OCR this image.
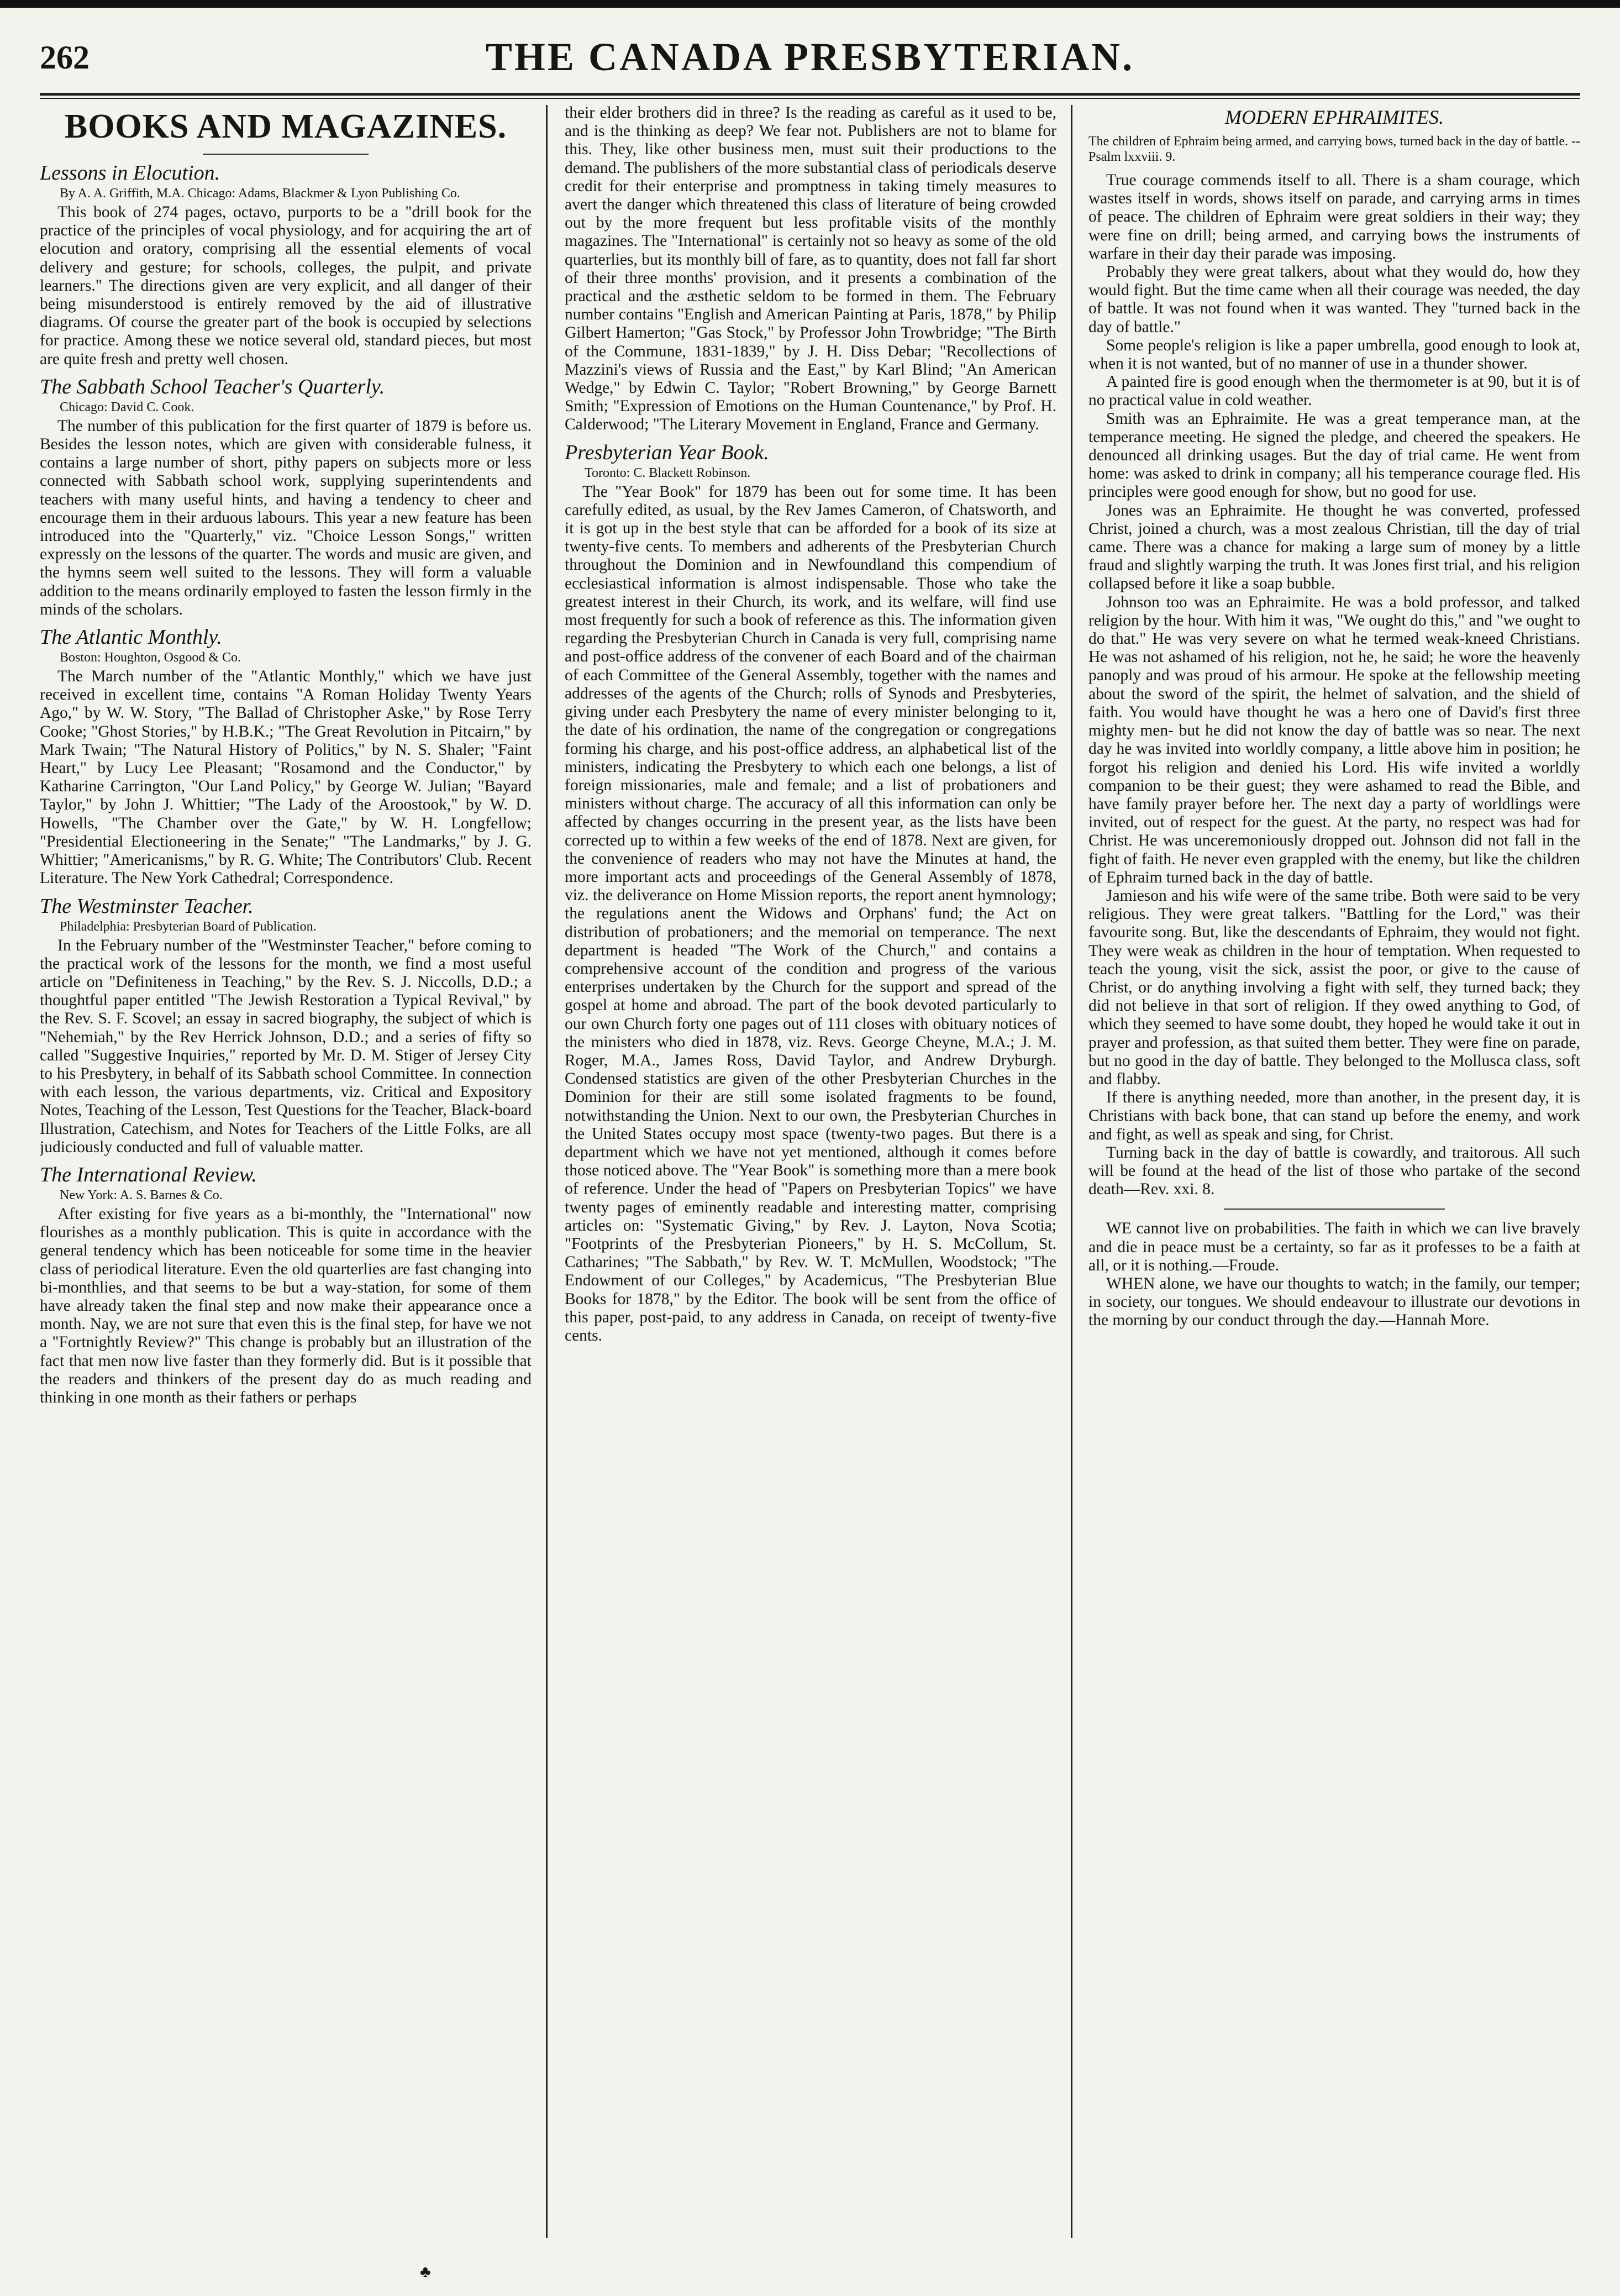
262	THE CANADA PRESBYTERIAN.
BOOKS AND MAGAZINES.
Lessons in Elocution.

By A. A. Griffith, M.A. Chicago: Adams, Blackmer & Lyon Publishing Co.

This book of 274 pages, octavo, purports to be a "drill book for the practice of the principles of vocal physiology, and for acquiring the art of elocution and oratory, comprising all the essential elements of vocal delivery and gesture; for schools, colleges, the pulpit, and private learners." The directions given are very explicit, and all danger of their being misunderstood is entirely removed by the aid of illustrative diagrams. Of course the greater part of the book is occupied by selections for practice. Among these we notice several old, standard pieces, but most are quite fresh and pretty well chosen.

The Sabbath School Teacher's Quarterly.

Chicago: David C. Cook.

The number of this publication for the first quarter of 1879 is before us. Besides the lesson notes, which are given with considerable fulness, it contains a large number of short, pithy papers on subjects more or less connected with Sabbath school work, supplying superintendents and teachers with many useful hints, and having a tendency to cheer and encourage them in their arduous labours. This year a new feature has been introduced into the "Quarterly," viz. "Choice Lesson Songs," written expressly on the lessons of the quarter. The words and music are given, and the hymns seem well suited to the lessons. They will form a valuable addition to the means ordinarily employed to fasten the lesson firmly in the minds of the scholars.

The Atlantic Monthly.

Boston: Houghton, Osgood & Co.

The March number of the "Atlantic Monthly," which we have just received in excellent time, contains "A Roman Holiday Twenty Years Ago," by W. W. Story, "The Ballad of Christopher Aske," by Rose Terry Cooke; "Ghost Stories," by H.B.K.; "The Great Revolution in Pitcairn," by Mark Twain; "The Natural History of Politics," by N. S. Shaler; "Faint Heart," by Lucy Lee Pleasant; "Rosamond and the Conductor," by Katharine Carrington, "Our Land Policy," by George W. Julian; "Bayard Taylor," by John J. Whittier; "The Lady of the Aroostook," by W. D. Howells, "The Chamber over the Gate," by W. H. Longfellow; "Presidential Electioneering in the Senate;" "The Landmarks," by J. G. Whittier; "Americanisms," by R. G. White; The Contributors' Club. Recent Literature. The New York Cathedral; Correspondence.

The Westminster Teacher.

Philadelphia: Presbyterian Board of Publication.

In the February number of the "Westminster Teacher," before coming to the practical work of the lessons for the month, we find a most useful article on "Definiteness in Teaching," by the Rev. S. J. Niccolls, D.D.; a thoughtful paper entitled "The Jewish Restoration a Typical Revival," by the Rev. S. F. Scovel; an essay in sacred biography, the subject of which is "Nehemiah," by the Rev Herrick Johnson, D.D.; and a series of fifty so called "Suggestive Inquiries," reported by Mr. D. M. Stiger of Jersey City to his Presbytery, in behalf of its Sabbath school Committee. In connection with each lesson, the various departments, viz. Critical and Expository Notes, Teaching of the Lesson, Test Questions for the Teacher, Black-board Illustration, Catechism, and Notes for Teachers of the Little Folks, are all judiciously conducted and full of valuable matter.

The International Review.

New York: A. S. Barnes & Co.

After existing for five years as a bi-monthly, the "International" now flourishes as a monthly publication. This is quite in accordance with the general tendency which has been noticeable for some time in the heavier class of periodical literature. Even the old quarterlies are fast changing into bi-monthlies, and that seems to be but a way-station, for some of them have already taken the final step and now make their appearance once a month. Nay, we are not sure that even this is the final step, for have we not a "Fortnightly Review?" This change is probably but an illustration of the fact that men now live faster than they formerly did. But is it possible that the readers and thinkers of the present day do as much reading and thinking in one month as their fathers or perhaps

their elder brothers did in three? Is the reading as careful as it used to be, and is the thinking as deep? We fear not. Publishers are not to blame for this. They, like other business men, must suit their productions to the demand. The publishers of the more substantial class of periodicals deserve credit for their enterprise and promptness in taking timely measures to avert the danger which threatened this class of literature of being crowded out by the more frequent but less profitable visits of the monthly magazines. The "International" is certainly not so heavy as some of the old quarterlies, but its monthly bill of fare, as to quantity, does not fall far short of their three months' provision, and it presents a combination of the practical and the æsthetic seldom to be formed in them. The February number contains "English and American Painting at Paris, 1878," by Philip Gilbert Hamerton; "Gas Stock," by Professor John Trowbridge; "The Birth of the Commune, 1831-1839," by J. H. Diss Debar; "Recollections of Mazzini's views of Russia and the East," by Karl Blind; "An American Wedge," by Edwin C. Taylor; "Robert Browning," by George Barnett Smith; "Expression of Emotions on the Human Countenance," by Prof. H. Calderwood; "The Literary Movement in England, France and Germany.

Presbyterian Year Book.

Toronto: C. Blackett Robinson.

The "Year Book" for 1879 has been out for some time. It has been carefully edited, as usual, by the Rev James Cameron, of Chatsworth, and it is got up in the best style that can be afforded for a book of its size at twenty-five cents. To members and adherents of the Presbyterian Church throughout the Dominion and in Newfoundland this compendium of ecclesiastical information is almost indispensable. Those who take the greatest interest in their Church, its work, and its welfare, will find use most frequently for such a book of reference as this. The information given regarding the Presbyterian Church in Canada is very full, comprising name and post-office address of the convener of each Board and of the chairman of each Committee of the General Assembly, together with the names and addresses of the agents of the Church; rolls of Synods and Presbyteries, giving under each Presbytery the name of every minister belonging to it, the date of his ordination, the name of the congregation or congregations forming his charge, and his post-office address, an alphabetical list of the ministers, indicating the Presbytery to which each one belongs, a list of foreign missionaries, male and female; and a list of probationers and ministers without charge. The accuracy of all this information can only be affected by changes occurring in the present year, as the lists have been corrected up to within a few weeks of the end of 1878. Next are given, for the convenience of readers who may not have the Minutes at hand, the more important acts and proceedings of the General Assembly of 1878, viz. the deliverance on Home Mission reports, the report anent hymnology; the regulations anent the Widows and Orphans' fund; the Act on distribution of probationers; and the memorial on temperance. The next department is headed "The Work of the Church," and contains a comprehensive account of the condition and progress of the various enterprises undertaken by the Church for the support and spread of the gospel at home and abroad. The part of the book devoted particularly to our own Church forty one pages out of 111 closes with obituary notices of the ministers who died in 1878, viz. Revs. George Cheyne, M.A.; J. M. Roger, M.A., James Ross, David Taylor, and Andrew Dryburgh. Condensed statistics are given of the other Presbyterian Churches in the Dominion for their are still some isolated fragments to be found, notwithstanding the Union. Next to our own, the Presbyterian Churches in the United States occupy most space (twenty-two pages. But there is a department which we have not yet mentioned, although it comes before those noticed above. The "Year Book" is something more than a mere book of reference. Under the head of "Papers on Presbyterian Topics" we have twenty pages of eminently readable and interesting matter, comprising articles on: "Systematic Giving," by Rev. J. Layton, Nova Scotia; "Footprints of the Presbyterian Pioneers," by H. S. McCollum, St. Catharines; "The Sabbath," by Rev. W. T. McMullen, Woodstock; "The Endowment of our Colleges," by Academicus, "The Presbyterian Blue Books for 1878," by the Editor. The book will be sent from the office of this paper, post-paid, to any address in Canada, on receipt of twenty-five cents.

MODERN EPHRAIMITES.

The children of Ephraim being armed, and carrying bows, turned back in the day of battle. --Psalm lxxviii. 9.

True courage commends itself to all. There is a sham courage, which wastes itself in words, shows itself on parade, and carrying arms in times of peace. The children of Ephraim were great soldiers in their way; they were fine on drill; being armed, and carrying bows the instruments of warfare in their day their parade was imposing.

Probably they were great talkers, about what they would do, how they would fight. But the time came when all their courage was needed, the day of battle. It was not found when it was wanted. They "turned back in the day of battle."

Some people's religion is like a paper umbrella, good enough to look at, when it is not wanted, but of no manner of use in a thunder shower.

A painted fire is good enough when the thermometer is at 90, but it is of no practical value in cold weather.

Smith was an Ephraimite. He was a great temperance man, at the temperance meeting. He signed the pledge, and cheered the speakers. He denounced all drinking usages. But the day of trial came. He went from home: was asked to drink in company; all his temperance courage fled. His principles were good enough for show, but no good for use.

Jones was an Ephraimite. He thought he was converted, professed Christ, joined a church, was a most zealous Christian, till the day of trial came. There was a chance for making a large sum of money by a little fraud and slightly warping the truth. It was Jones first trial, and his religion collapsed before it like a soap bubble.

Johnson too was an Ephraimite. He was a bold professor, and talked religion by the hour. With him it was, "We ought do this," and "we ought to do that." He was very severe on what he termed weak-kneed Christians. He was not ashamed of his religion, not he, he said; he wore the heavenly panoply and was proud of his armour. He spoke at the fellowship meeting about the sword of the spirit, the helmet of salvation, and the shield of faith. You would have thought he was a hero one of David's first three mighty men- but he did not know the day of battle was so near. The next day he was invited into worldly company, a little above him in position; he forgot his religion and denied his Lord. His wife invited a worldly companion to be their guest; they were ashamed to read the Bible, and have family prayer before her. The next day a party of worldlings were invited, out of respect for the guest. At the party, no respect was had for Christ. He was unceremoniously dropped out. Johnson did not fall in the fight of faith. He never even grappled with the enemy, but like the children of Ephraim turned back in the day of battle.

Jamieson and his wife were of the same tribe. Both were said to be very religious. They were great talkers. "Battling for the Lord," was their favourite song. But, like the descendants of Ephraim, they would not fight. They were weak as children in the hour of temptation. When requested to teach the young, visit the sick, assist the poor, or give to the cause of Christ, or do anything involving a fight with self, they turned back; they did not believe in that sort of religion. If they owed anything to God, of which they seemed to have some doubt, they hoped he would take it out in prayer and profession, as that suited them better. They were fine on parade, but no good in the day of battle. They belonged to the Mollusca class, soft and flabby.

If there is anything needed, more than another, in the present day, it is Christians with back bone, that can stand up before the enemy, and work and fight, as well as speak and sing, for Christ.

Turning back in the day of battle is cowardly, and traitorous. All such will be found at the head of the list of those who partake of the second death—Rev. xxi. 8.

WE cannot live on probabilities. The faith in which we can live bravely and die in peace must be a certainty, so far as it professes to be a faith at all, or it is nothing.—Froude.

WHEN alone, we have our thoughts to watch; in the family, our temper; in society, our tongues. We should endeavour to illustrate our devotions in the morning by our conduct through the day.—Hannah More.

♣
